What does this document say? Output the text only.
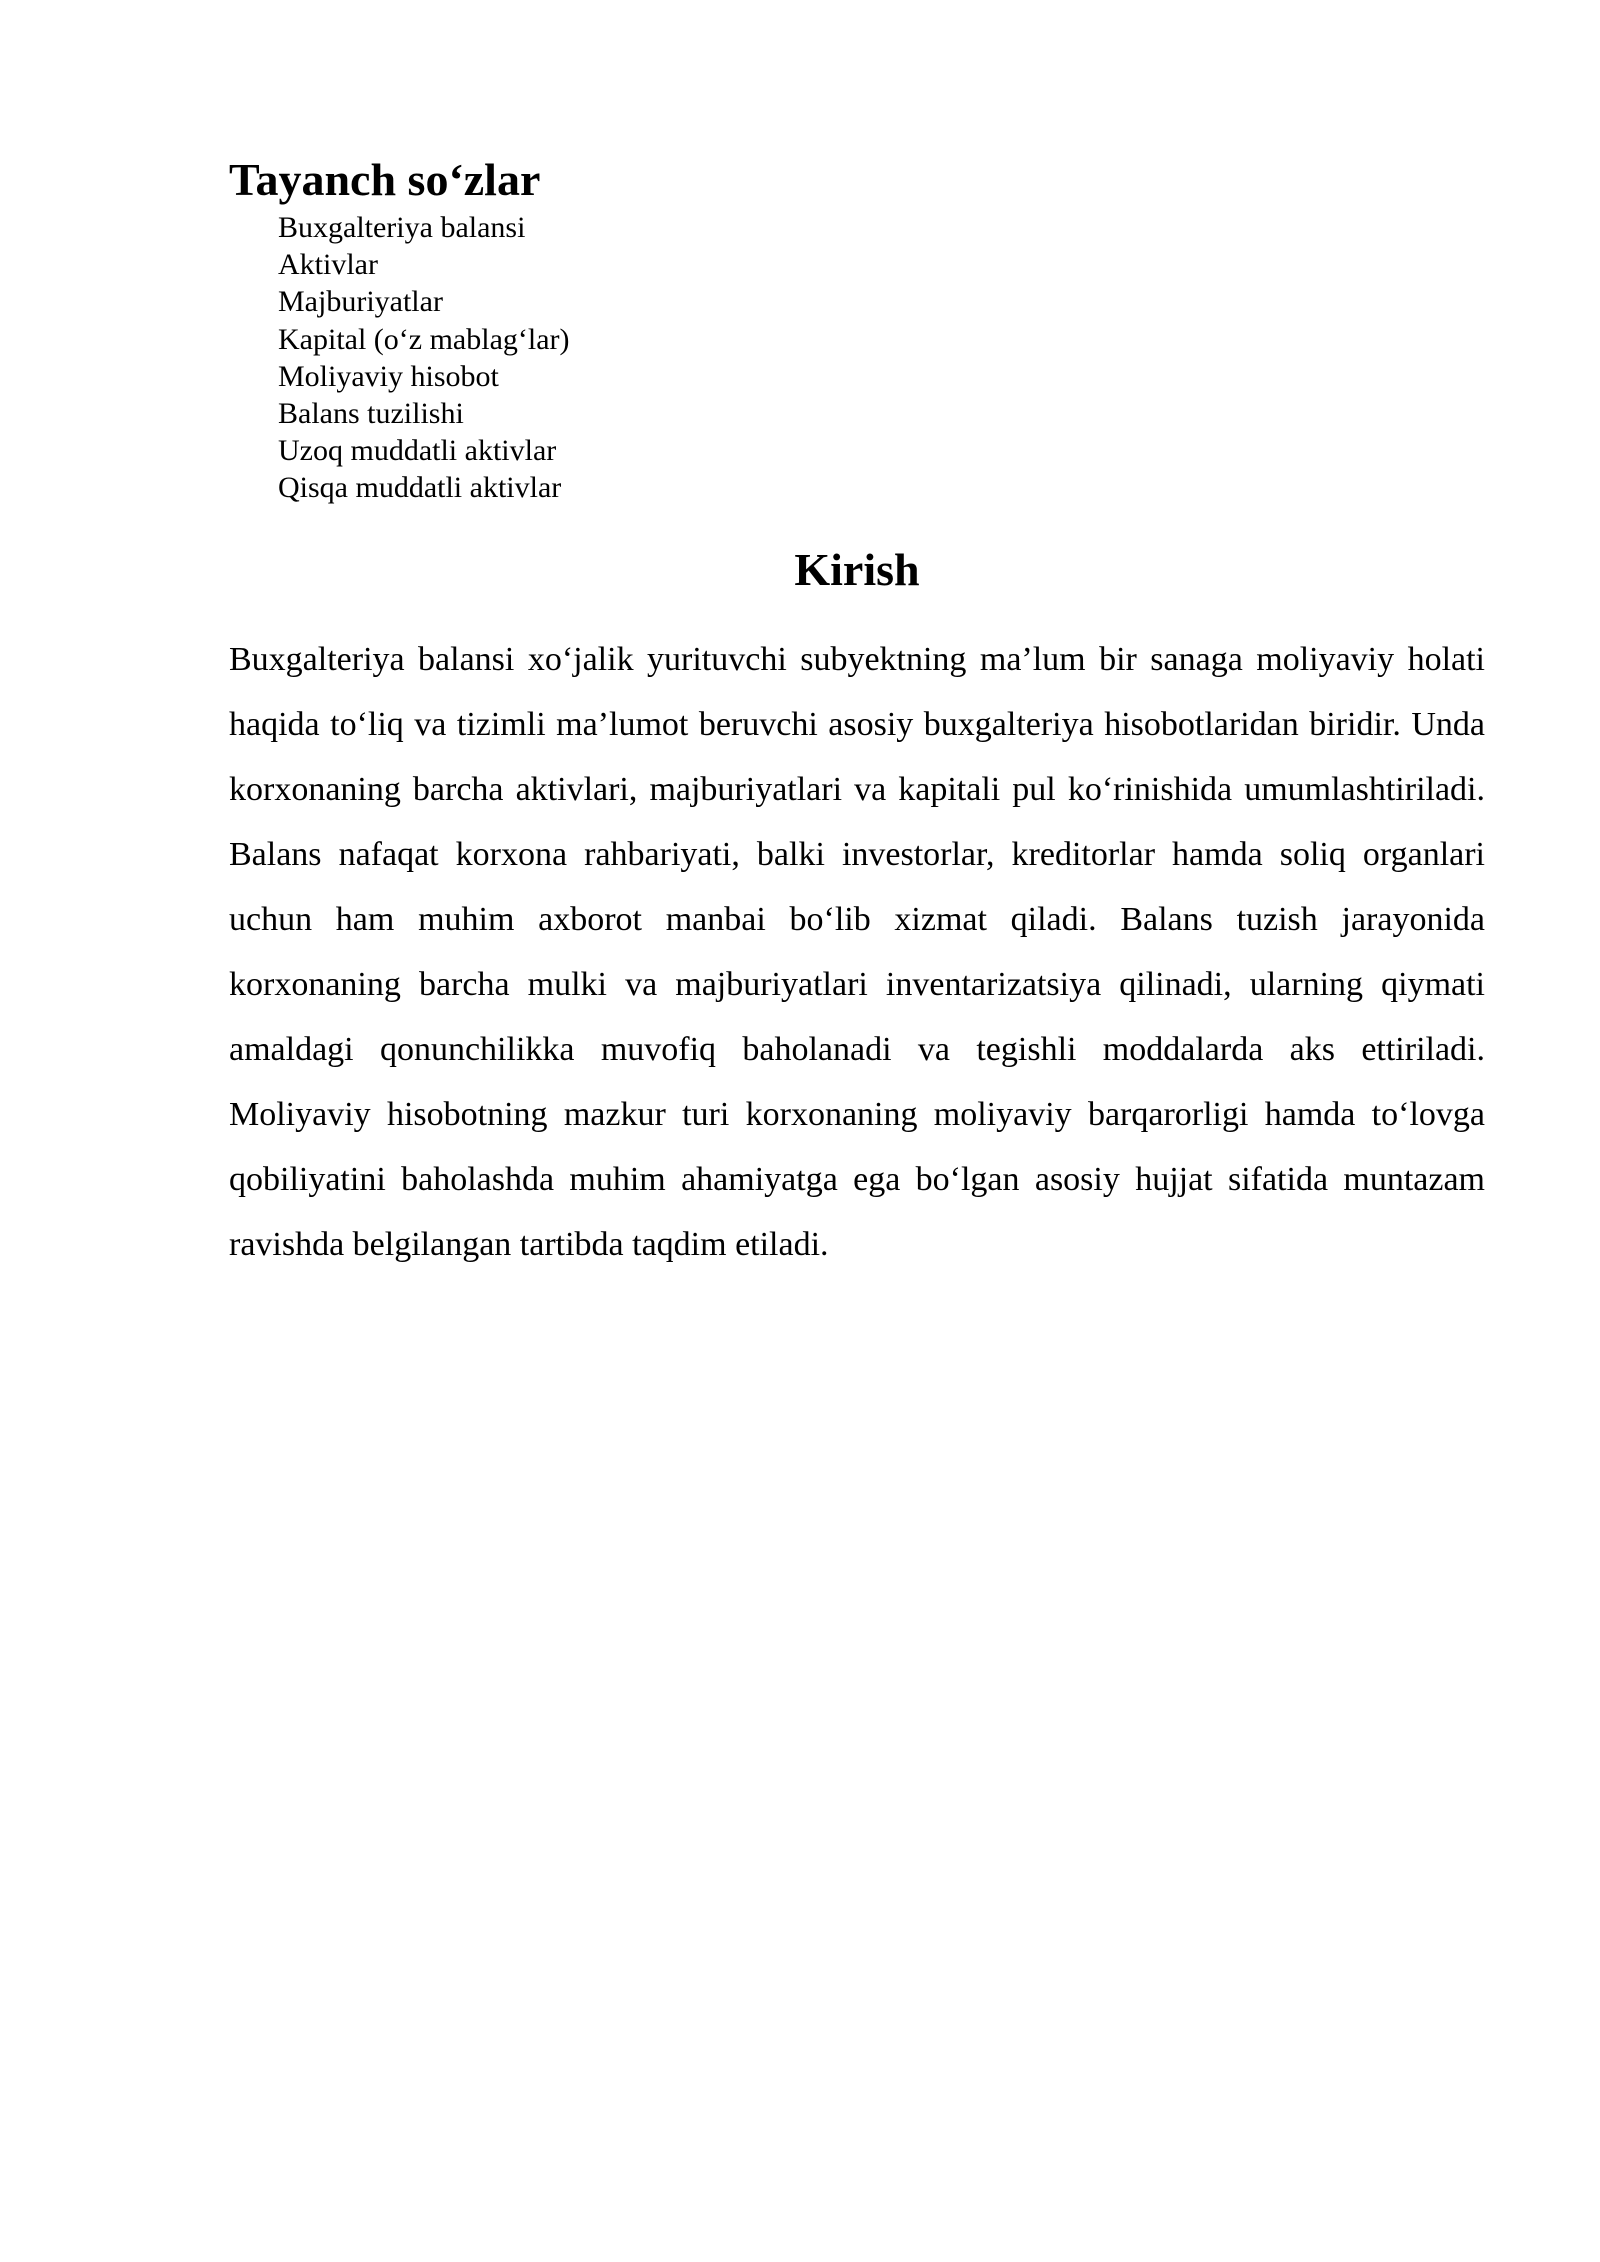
Tayanch so‘zlar
Buxgalteriya balansi
Aktivlar
Majburiyatlar
Kapital (o‘z mablag‘lar)
Moliyaviy hisobot
Balans tuzilishi
Uzoq muddatli aktivlar
Qisqa muddatli aktivlar
Kirish

Buxgalteriya balansi xo‘jalik yurituvchi subyektning ma’lum bir sanaga moliyaviy holati haqida to‘liq va tizimli ma’lumot beruvchi asosiy buxgalteriya hisobotlaridan biridir. Unda korxonaning barcha aktivlari, majburiyatlari va kapitali pul ko‘rinishida umumlashtiriladi. Balans nafaqat korxona rahbariyati, balki investorlar, kreditorlar hamda soliq organlari uchun ham muhim axborot manbai bo‘lib xizmat qiladi. Balans tuzish jarayonida korxonaning barcha mulki va majburiyatlari inventarizatsiya qilinadi, ularning qiymati amaldagi qonunchilikka muvofiq baholanadi va tegishli moddalarda aks ettiriladi. Moliyaviy hisobotning mazkur turi korxonaning moliyaviy barqarorligi hamda to‘lovga qobiliyatini baholashda muhim ahamiyatga ega bo‘lgan asosiy hujjat sifatida muntazam ravishda belgilangan tartibda taqdim etiladi.
